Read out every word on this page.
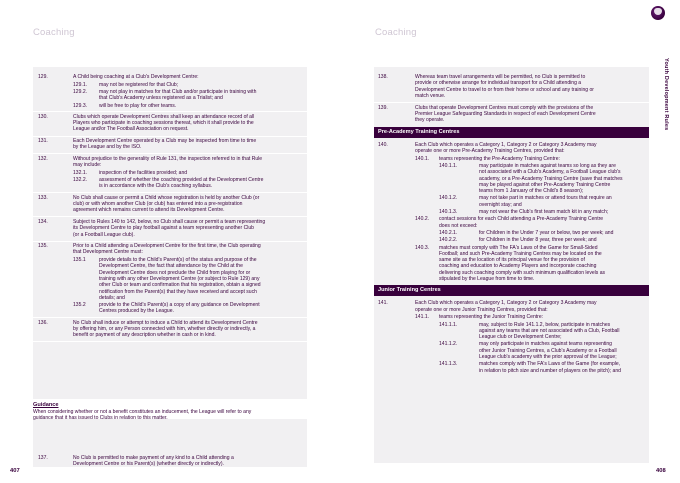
Coaching
129.	A Child being coaching at a Club's Development Centre:
129.1. may not be registered for that Club;
129.2. may not play in matches for that Club and/or participate in training with
that Club's Academy unless registered as a Trialist; and
129.3. will be free to play for other teams.
130.	Clubs which operate Development Centres shall keep an attendance record of all
Players who participate in coaching sessions thereat, which it shall provide to the
League and/or The Football Association on request.
131.	Each Development Centre operated by a Club may be inspected from time to time
by the League and by the ISO.
132.	Without prejudice to the generality of Rule 131, the inspection referred to in that Rule
may include:
132.1. inspection of the facilities provided; and
132.2. assessment of whether the coaching provided at the Development Centre
is in accordance with the Club's coaching syllabus.
133.	No Club shall cause or permit a Child whose registration is held by another Club (or
club) or with whom another Club (or club) has entered into a pre-registration
agreement which remains current to attend its Development Centre.
134.	Subject to Rules 140 to 142, below, no Club shall cause or permit a team representing
its Development Centre to play football against a team representing another Club
(or a Football League club).
135.	Prior to a Child attending a Development Centre for the first time, the Club operating
that Development Centre must:
135.1	provide details to the Child's Parent(s) of the status and purpose of the
Development Centre, the fact that attendance by the Child at the
Development Centre does not preclude the Child from playing for or
training with any other Development Centre (or subject to Rule 129) any
other Club or team and confirmation that his registration, obtain a signed
notification from the Parent(s) that they have received and accept such
details; and
135.2	provide to the Child's Parent(s) a copy of any guidance on Development
Centres produced by the League.
136.	No Club shall induce or attempt to induce a Child to attend its Development Centre
by offering him, or any Person connected with him, whether directly or indirectly, a
benefit or payment of any description whether in cash or in kind.
137.	No Club is permitted to make payment of any kind to a Child attending a
Development Centre or his Parent(s) (whether directly or indirectly).
Guidance
When considering whether or not a benefit constitutes an inducement, the League will refer to any
guidance that it has issued to Clubs in relation to this matter.
407
Coaching
Youth Development Rules
138.	Whereas team travel arrangements will be permitted, no Club is permitted to
provide or otherwise arrange for individual transport for a Child attending a
Development Centre to travel to or from their home or school and any training or
match venue.
139.	Clubs that operate Development Centres must comply with the provisions of the
Premier League Safeguarding Standards in respect of each Development Centre
they operate.
Pre-Academy Training Centres
140.	Each Club which operates a Category 1, Category 2 or Category 3 Academy may
operate one or more Pre-Academy Training Centres, provided that:
140.1. teams representing the Pre-Academy Training Centre:
140.1.1.	may participate in matches against teams so long as they are
not associated with a Club's Academy, a Football League club's
academy, or a Pre-Academy Training Centre (save that matches
may be played against other Pre-Academy Training Centre
teams from 1 January of the Child's 8 season);
140.1.2.	may not take part in matches or attend tours that require an
overnight stay; and
140.1.3.	may not wear the Club's first team match kit in any match;
140.2. contact sessions for each Child attending a Pre-Academy Training Centre
does not exceed:
140.2.1.	for Children in the Under 7 year or below, two per week; and
140.2.2.	for Children in the Under 8 year, three per week; and
140.3. matches must comply with The FA's Laws of the Game for Small-Sided
Football; and such Pre-Academy Training Centres may be located on the
same site as the location of its principal venue for the provision of
coaching and education to Academy Players and incorporate coaching
delivering such coaching comply with such minimum qualification levels as
stipulated by the League from time to time.
Junior Training Centres
141.	Each Club which operates a Category 1, Category 2 or Category 3 Academy may
operate one or more Junior Training Centres, provided that:
141.1. teams representing the Junior Training Centre:
141.1.1.	may, subject to Rule 141.1.2, below, participate in matches
against any teams that are not associated with a Club, Football
League club or Development Centre;
141.1.2.	may only participate in matches against teams representing
other Junior Training Centres, a Club's Academy or a Football
League club's academy with the prior approval of the League;
141.1.3.	matches comply with The FA's Laws of the Game (for example,
in relation to pitch size and number of players on the pitch); and
408
